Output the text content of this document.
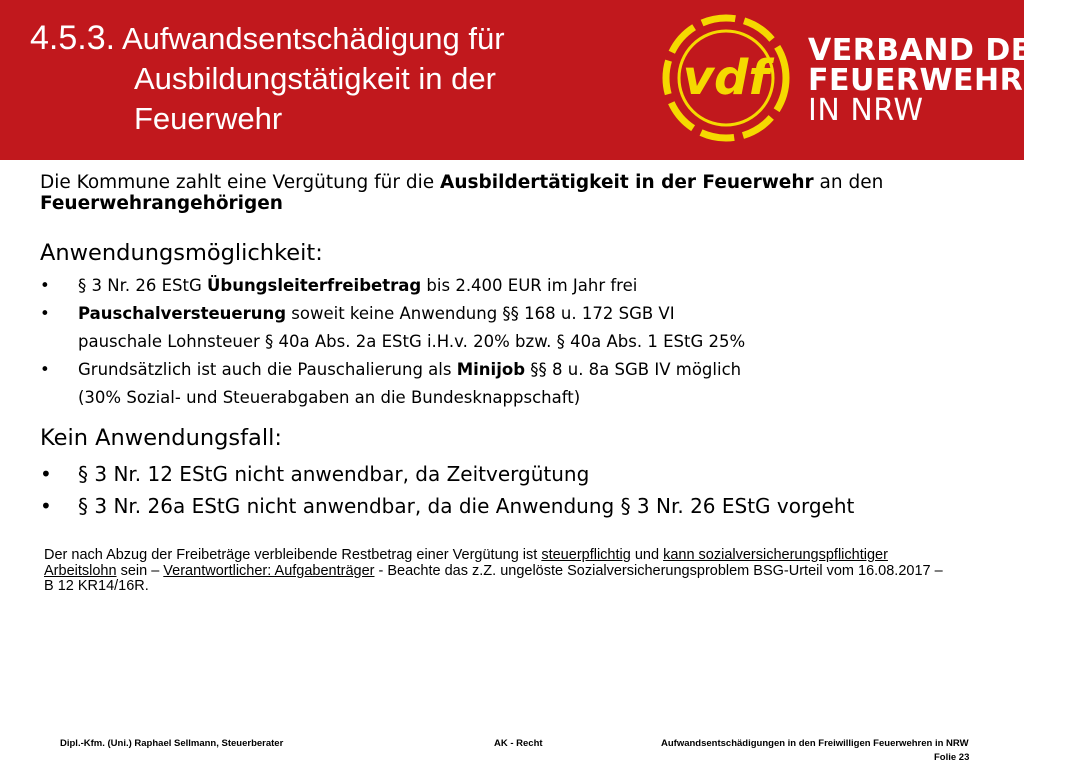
4.5.3. Aufwandsentschädigung für
Ausbildungstätigkeit in der
Feuerwehr
vdf VERBAND DER
FEUERWEHREN
IN NRW
Die Kommune zahlt eine Vergütung für die Ausbildertätigkeit in der Feuerwehr an den Feuerwehrangehörigen
Anwendungsmöglichkeit:
• § 3 Nr. 26 EStG Übungsleiterfreibetrag bis 2.400 EUR im Jahr frei
• Pauschalversteuerung soweit keine Anwendung §§ 168 u. 172 SGB VI
pauschale Lohnsteuer § 40a Abs. 2a EStG i.H.v. 20% bzw. § 40a Abs. 1 EStG 25%
• Grundsätzlich ist auch die Pauschalierung als Minijob §§ 8 u. 8a SGB IV möglich
(30% Sozial- und Steuerabgaben an die Bundesknappschaft)
Kein Anwendungsfall:
• § 3 Nr. 12 EStG nicht anwendbar, da Zeitvergütung
• § 3 Nr. 26a EStG nicht anwendbar, da die Anwendung § 3 Nr. 26 EStG vorgeht
Der nach Abzug der Freibeträge verbleibende Restbetrag einer Vergütung ist steuerpflichtig und kann sozialversicherungspflichtiger Arbeitslohn sein – Verantwortlicher: Aufgabenträger - Beachte das z.Z. ungelöste Sozialversicherungsproblem BSG-Urteil vom 16.08.2017 – B 12 KR14/16R.
Dipl.-Kfm. (Uni.) Raphael Sellmann, Steuerberater	AK - Recht	Aufwandsentschädigungen in den Freiwilligen Feuerwehren in NRW
Folie 23
